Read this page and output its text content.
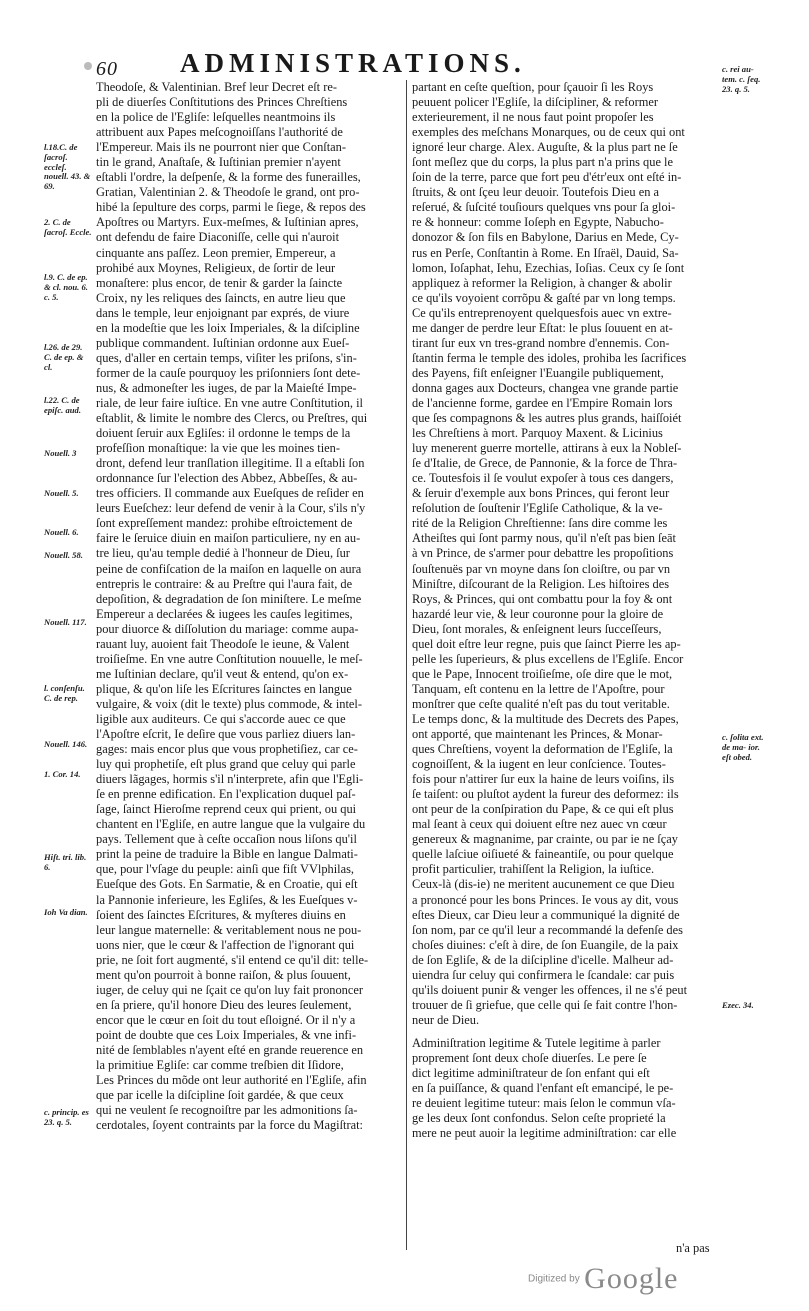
60 ADMINISTRATIONS.
Theodoſe, & Valentinian. Bref leur Decret eſt re-
pli de diuerſes Conſtitutions des Princes Chreſtiens
en la police de l'Egliſe: leſquelles neantmoins ils
attribuent aux Papes meſcognoiſſans l'authorité de
l'Empereur. Mais ils ne pourront nier que Conſtan-
tin le grand, Anaſtaſe, & Iuſtinian premier n'ayent
eſtabli l'ordre, la deſpenſe, & la forme des funerailles,
Gratian, Valentinian 2. & Theodoſe le grand, ont pro-
hibé la ſepulture des corps, parmi le ſiege, & repos des
Apoſtres ou Martyrs. Eux-meſmes, & Iuſtinian apres,
ont defendu de faire Diaconiſſe, celle qui n'auroit
cinquante ans paſſez. Leon premier, Empereur, a
prohibé aux Moynes, Religieux, de ſortir de leur
monaſtere: plus encor, de tenir & garder la ſaincte
Croix, ny les reliques des ſaincts, en autre lieu que
dans le temple, leur enjoignant par exprés, de viure
en la modeſtie que les loix Imperiales, & la diſcipline
publique commandent. Iuſtinian ordonne aux Eueſ-
ques, d'aller en certain temps, viſiter les priſons, s'in-
former de la cauſe pourquoy les priſonniers ſont dete-
nus, & admoneſter les iuges, de par la Maieſté Impe-
riale, de leur faire iuſtice. En vne autre Conſtitution, il
eſtablit, & limite le nombre des Clercs, ou Preſtres, qui
doiuent ſeruir aux Egliſes: il ordonne le temps de la
profeſſion monaſtique: la vie que les moines tien-
dront, defend leur tranſlation illegitime. Il a eſtabli ſon
ordonnance ſur l'election des Abbez, Abbeſſes, & au-
tres officiers. Il commande aux Eueſques de reſider en
leurs Eueſchez: leur defend de venir à la Cour, s'ils n'y
ſont expreſſement mandez: prohibe eſtroictement de
faire le ſeruice diuin en maiſon particuliere, ny en au-
tre lieu, qu'au temple dedié à l'honneur de Dieu, ſur
peine de confiſcation de la maiſon en laquelle on aura
entrepris le contraire: & au Preſtre qui l'aura fait, de
depoſition, & degradation de ſon miniſtere. Le meſme
Empereur a declarées & iugees les cauſes legitimes,
pour diuorce & diſſolution du mariage: comme aupa-
rauant luy, auoient fait Theodoſe le ieune, & Valent
troiſieſme. En vne autre Conſtitution nouuelle, le meſ-
me Iuſtinian declare, qu'il veut & entend, qu'on ex-
plique, & qu'on liſe les Eſcritures ſainctes en langue
vulgaire, & voix (dit le texte) plus commode, & intel-
ligible aux auditeurs. Ce qui s'accorde auec ce que
l'Apoſtre eſcrit, Ie deſire que vous parliez diuers lan-
gages: mais encor plus que vous prophetiſiez, car ce-
luy qui prophetiſe, eſt plus grand que celuy qui parle
diuers lãgages, hormis s'il n'interprete, afin que l'Egli-
ſe en prenne edification. En l'explication duquel paſ-
ſage, ſainct Hieroſme reprend ceux qui prient, ou qui
chantent en l'Egliſe, en autre langue que la vulgaire du
pays. Tellement que à ceſte occaſion nous liſons qu'il
print la peine de traduire la Bible en langue Dalmati-
que, pour l'vſage du peuple: ainſi que fiſt VVlphilas,
Eueſque des Gots. En Sarmatie, & en Croatie, qui eſt
la Pannonie inferieure, les Egliſes, & les Eueſques v-
ſoient des ſainctes Eſcritures, & myſteres diuins en
leur langue maternelle: & veritablement nous ne pou-
uons nier, que le cœur & l'affection de l'ignorant qui
prie, ne ſoit fort augmenté, s'il entend ce qu'il dit: telle-
ment qu'on pourroit à bonne raiſon, & plus ſouuent,
iuger, de celuy qui ne ſçait ce qu'on luy fait prononcer
en ſa priere, qu'il honore Dieu des leures ſeulement,
encor que le cœur en ſoit du tout eſloigné. Or il n'y a
point de doubte que ces Loix Imperiales, & vne infi-
nité de ſemblables n'ayent eſté en grande reuerence en
la primitiue Egliſe: car comme treſbien dit Iſidore,
Les Princes du mõde ont leur authorité en l'Egliſe, afin
que par icelle la diſcipline ſoit gardée, & que ceux
qui ne veulent ſe recognoiſtre par les admonitions ſa-
cerdotales, ſoyent contraints par la force du Magiſtrat:
partant en ceſte queſtion, pour ſçauoir ſi les Roys
peuuent policer l'Egliſe, la diſcipliner, & reformer
exterieurement, il ne nous faut point propoſer les
exemples des meſchans Monarques, ou de ceux qui ont
ignoré leur charge. Alex. Auguſte, & la plus part ne ſe
ſont meſlez que du corps, la plus part n'a prins que le
ſoin de la terre, parce que fort peu d'étr'eux ont eſté in-
ſtruits, & ont ſçeu leur deuoir. Toutefois Dieu en a
reſerué, & ſuſcité touſiours quelques vns pour ſa gloi-
re & honneur: comme Ioſeph en Egypte, Nabucho-
donozor & ſon fils en Babylone, Darius en Mede, Cy-
rus en Perſe, Conſtantin à Rome. En Iſraël, Dauid, Sa-
lomon, Ioſaphat, Iehu, Ezechias, Ioſias. Ceux cy ſe ſont
appliquez à reformer la Religion, à changer & abolir
ce qu'ils voyoient corrõpu & gaſté par vn long temps.
Ce qu'ils entreprenoyent quelquesfois auec vn extre-
me danger de perdre leur Eſtat: le plus ſouuent en at-
tirant ſur eux vn tres-grand nombre d'ennemis. Con-
ſtantin ferma le temple des idoles, prohiba les ſacrifices
des Payens, fiſt enſeigner l'Euangile publiquement,
donna gages aux Docteurs, changea vne grande partie
de l'ancienne forme, gardee en l'Empire Romain lors
que ſes compagnons & les autres plus grands, haiſſoiét
les Chreſtiens à mort. Parquoy Maxent. & Licinius
luy menerent guerre mortelle, attirans à eux la Nobleſ-
ſe d'Italie, de Grece, de Pannonie, & la force de Thra-
ce. Toutesfois il ſe voulut expoſer à tous ces dangers,
& ſeruir d'exemple aux bons Princes, qui feront leur
reſolution de ſouſtenir l'Egliſe Catholique, & la ve-
rité de la Religion Chreſtienne: ſans dire comme les
Atheiſtes qui ſont parmy nous, qu'il n'eſt pas bien ſeāt
à vn Prince, de s'armer pour debattre les propoſitions
ſouſtenuës par vn moyne dans ſon cloiſtre, ou par vn
Miniſtre, diſcourant de la Religion. Les hiſtoires des
Roys, & Princes, qui ont combattu pour la foy & ont
hazardé leur vie, & leur couronne pour la gloire de
Dieu, ſont morales, & enſeignent leurs ſucceſſeurs,
quel doit eſtre leur regne, puis que ſainct Pierre les ap-
pelle les ſuperieurs, & plus excellens de l'Egliſe. Encor
que le Pape, Innocent troiſieſme, oſe dire que le mot,
Tanquam, eſt contenu en la lettre de l'Apoſtre, pour
monſtrer que ceſte qualité n'eſt pas du tout veritable.
Le temps donc, & la multitude des Decrets des Papes,
ont apporté, que maintenant les Princes, & Monar-
ques Chreſtiens, voyent la deformation de l'Egliſe, la
cognoiſſent, & la iugent en leur conſcience. Toutes-
fois pour n'attirer ſur eux la haine de leurs voiſins, ils
ſe taiſent: ou pluſtot aydent la fureur des deformez: ils
ont peur de la conſpiration du Pape, & ce qui eſt plus
mal ſeant à ceux qui doiuent eſtre nez auec vn cœur
genereux & magnanime, par crainte, ou par ie ne ſçay
quelle laſciue oiſiueté & faineantiſe, ou pour quelque
profit particulier, trahiſſent la Religion, la iuſtice.
Ceux-là (dis-ie) ne meritent aucunement ce que Dieu
a prononcé pour les bons Princes. Ie vous ay dit, vous
eſtes Dieux, car Dieu leur a communiqué la dignité de
ſon nom, par ce qu'il leur a recommandé la defenſe des
choſes diuines: c'eſt à dire, de ſon Euangile, de la paix
de ſon Egliſe, & de la diſcipline d'icelle. Malheur ad-
uiendra ſur celuy qui confirmera le ſcandale: car puis
qu'ils doiuent punir & venger les offences, il ne s'é peut
trouuer de ſi griefue, que celle qui ſe fait contre l'hon-
neur de Dieu.
Adminiſtration legitime & Tutele legitime à parler
proprement ſont deux choſe diuerſes. Le pere ſe
dict legitime adminiſtrateur de ſon enfant qui eſt
en ſa puiſſance, & quand l'enfant eſt emancipé, le pe-
re deuient legitime tuteur: mais ſelon le commun vſa-
ge les deux ſont confondus. Selon ceſte proprieté la
mere ne peut auoir la legitime adminiſtration: car elle
l.18.C. de ſacroſ. eccleſ. nouell. 43. & 69.
2. C. de ſacroſ. Eccle.
l.9. C. de ep. & cl. nou. 6. c. 5.
l.26. de 29. C. de ep. & cl.
l.22. C. de epiſc. aud.
Nouell. 3
Nouell. 5.
Nouell. 6.
Nouell. 58.
Nouell. 117.
l. conſenſu. C. de rep.
Nouell. 146.
1. Cor. 14.
Hiſt. tri. lib. 6.
Ioh Va dian.
c. princip. es 23. q. 5.
c. rei au- tem. c. ſeq. 23. q. 5.
c. ſolita ext. de ma- ior. eſt obed.
Ezec. 34.
n'a pas
Digitized by Google
